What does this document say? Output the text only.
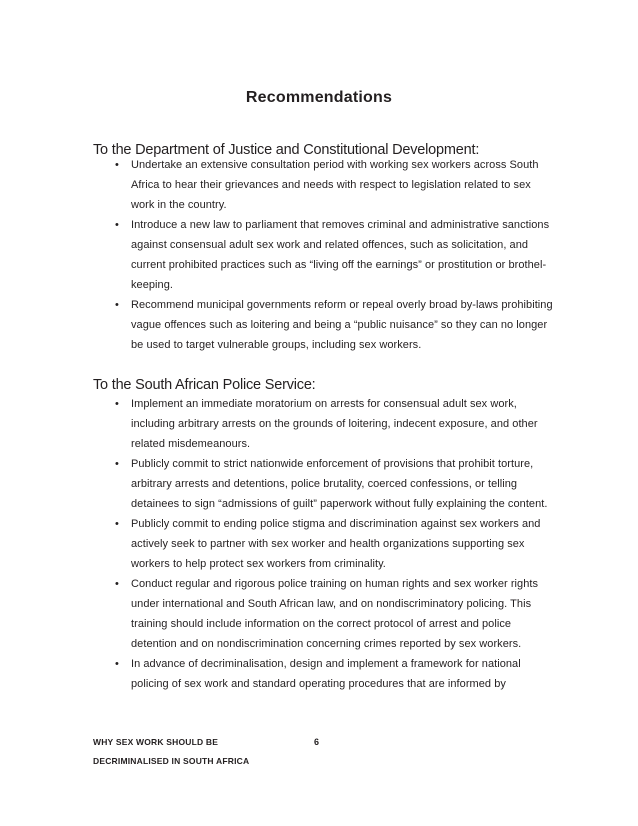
Recommendations
To the Department of Justice and Constitutional Development:
• Undertake an extensive consultation period with working sex workers across South Africa to hear their grievances and needs with respect to legislation related to sex work in the country.
• Introduce a new law to parliament that removes criminal and administrative sanctions against consensual adult sex work and related offences, such as solicitation, and current prohibited practices such as “living off the earnings” or prostitution or brothel-keeping.
• Recommend municipal governments reform or repeal overly broad by-laws prohibiting vague offences such as loitering and being a “public nuisance” so they can no longer be used to target vulnerable groups, including sex workers.
To the South African Police Service:
• Implement an immediate moratorium on arrests for consensual adult sex work, including arbitrary arrests on the grounds of loitering, indecent exposure, and other related misdemeanours.
• Publicly commit to strict nationwide enforcement of provisions that prohibit torture, arbitrary arrests and detentions, police brutality, coerced confessions, or telling detainees to sign “admissions of guilt” paperwork without fully explaining the content.
• Publicly commit to ending police stigma and discrimination against sex workers and actively seek to partner with sex worker and health organizations supporting sex workers to help protect sex workers from criminality.
• Conduct regular and rigorous police training on human rights and sex worker rights under international and South African law, and on nondiscriminatory policing. This training should include information on the correct protocol of arrest and police detention and on nondiscrimination concerning crimes reported by sex workers.
• In advance of decriminalisation, design and implement a framework for national policing of sex work and standard operating procedures that are informed by
WHY SEX WORK SHOULD BE	6
DECRIMINALISED IN SOUTH AFRICA
